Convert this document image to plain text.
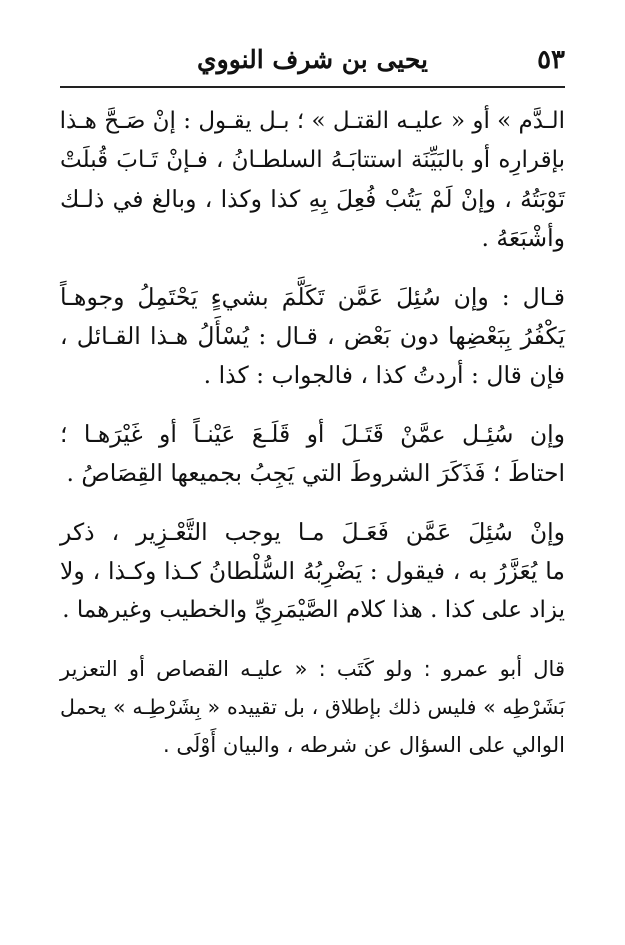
٥٣
يحيى بن شرف النووي

الـدَّم » أو « عليـه القتـل » ؛ بـل يقـول : إنْ صَـحَّ هـذا
بإقرارِه أو بالبَيِّنَة استتابَـهُ السلطـانُ ، فـإنْ تَـابَ قُبلَتْ
تَوْبَتُهُ ، وإنْ لَمْ يَتُبْ فُعِلَ بِهِ كذا وكذا ، وبالغ في ذلـك
وأشْبَعَهُ .

قـال : وإن سُئِلَ عَمَّن تَكَلَّمَ بشيءٍ يَحْتَمِلُ وجوهـاً
يَكْفُرُ بِبَعْضِها دون بَعْض ، قـال : يُسْأَلُ هـذا القـائل ،
فإن قال : أردتُ كذا ، فالجواب : كذا .

وإن سُئِـل عمَّنْ قَتَـلَ أو قَلَـعَ عَيْنـاً أو غَيْرَهـا ؛
احتاطَ ؛ فَذَكَرَ الشروطَ التي يَجِبُ بجميعها القِصَاصُ .

وإنْ سُئِلَ عَمَّن فَعَـلَ مـا يوجب التَّعْـزِير ، ذكر
ما يُعَزَّرُ به ، فيقول : يَضْرِبُهُ السُّلْطانُ كـذا وكـذا ، ولا
يزاد على كذا . هذا كلام الصَّيْمَرِيِّ والخطيب وغيرهما .

قال أبو عمرو : ولو كَتَب : « عليـه القصاص أو التعزير
بَشَرْطِه » فليس ذلك بإطلاق ، بل تقييده « بِشَرْطِـه » يحمل
الوالي على السؤال عن شرطه ، والبيان أَوْلَى .
